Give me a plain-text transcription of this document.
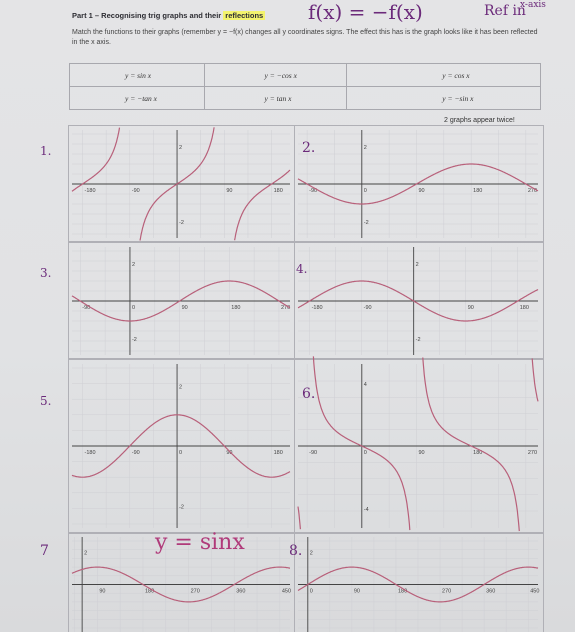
Part 1 – Recognising trig graphs and their reflections f(x) = −f(x)	Ref in
x-axis
Match the functions to their graphs (remember y = −f(x) changes all y coordinates signs. The effect this has is the graph looks like it has been reflected in the x axis.
y = sin x	y = −cos x	y = cos x
y = −tan x	y = tan x	y = −sin x
2 graphs appear twice!
-180	-90	90	180
2
-2
-90	0	90	180	270
2
-2
-90	0	90	180	270
2
-2
-180	-90	90	180
2
-2
-180	-90	0	90	180
2
-2
-90	0	90	180	270
4
-4
90	180	270	360	450
2
0	90	180	270	360	450
2
1.	2.
3.	4.
5.	6.
7	8.
y = sinx
